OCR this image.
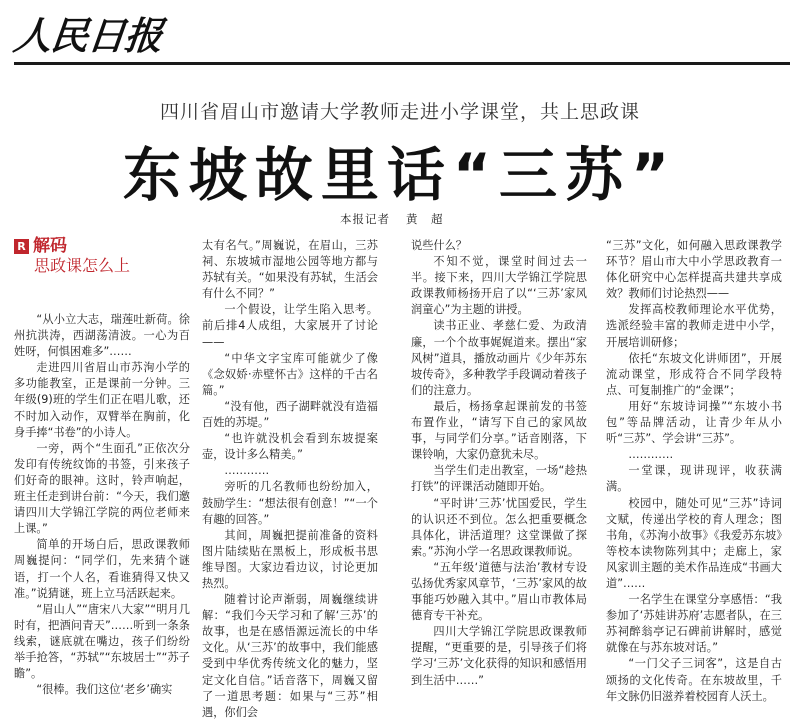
人民日报
四川省眉山市邀请大学教师走进小学课堂，共上思政课
东坡故里话“三苏”
本报记者 黄　超
R 解码
思政课怎么上

“从小立大志，瑞莲吐新荷。徐州抗洪涛，西湖荡清波。一心为百姓呀，何惧困难多”……

走进四川省眉山市苏洵小学的多功能教室，正是课前一分钟。三年级(9)班的学生们正在唱儿歌，还不时加入动作，双臂举在胸前，化身手捧“书卷”的小诗人。

一旁，两个“生面孔”正依次分发印有传统纹饰的书签，引来孩子们好奇的眼神。这时，铃声响起，班主任走到讲台前：“今天，我们邀请四川大学锦江学院的两位老师来上课。”

简单的开场白后，思政课教师周巍提问：“同学们，先来猜个谜语，打一个人名，看谁猜得又快又准。”说猜谜，班上立马活跃起来。

“眉山人”“唐宋八大家”“明月几时有，把酒问青天”……听到一条条线索，谜底就在嘴边，孩子们纷纷举手抢答，“苏轼”“东坡居士”“苏子瞻”。

“很棒。我们这位‘老乡’确实

太有名气。”周巍说，在眉山，三苏祠、东坡城市湿地公园等地方都与苏轼有关。“如果没有苏轼，生活会有什么不同？”

一个假设，让学生陷入思考。前后排4人成组，大家展开了讨论——

“中华文字宝库可能就少了像《念奴娇·赤壁怀古》这样的千古名篇。”

“没有他，西子湖畔就没有造福百姓的苏堤。”

“也许就没机会看到东坡提案壶，设计多么精美。”

…………

旁听的几名教师也纷纷加入，鼓励学生：“想法很有创意！”“一个有趣的回答。”

其间，周巍把提前准备的资料图片陆续贴在黑板上，形成板书思维导图。大家边看边议，讨论更加热烈。

随着讨论声渐弱，周巍继续讲解：“我们今天学习和了解‘三苏’的故事，也是在感悟源远流长的中华文化。从‘三苏’的故事中，我们能感受到中华优秀传统文化的魅力，坚定文化自信。”话音落下，周巍又留了一道思考题：如果与“三苏”相遇，你们会

说些什么？

不知不觉，课堂时间过去一半。接下来，四川大学锦江学院思政课教师杨扬开启了以“‘三苏’家风润童心”为主题的讲授。

读书正业、孝慈仁爱、为政清廉，一个个故事娓娓道来。摆出“家风树”道具，播放动画片《少年苏东坡传奇》，多种教学手段调动着孩子们的注意力。

最后，杨扬拿起课前发的书签布置作业，“请写下自己的家风故事，与同学们分享。”话音刚落，下课铃响，大家仍意犹未尽。

当学生们走出教室，一场“趁热打铁”的评课活动随即开始。

“平时讲‘三苏’忧国爱民，学生的认识还不到位。怎么把重要概念具体化，讲活道理？这堂课做了探索。”苏洵小学一名思政课教师说。

“五年级‘道德与法治’教材专设弘扬优秀家风章节，‘三苏’家风的故事能巧妙融入其中。”眉山市教体局德育专干补充。

四川大学锦江学院思政课教师提醒，“更重要的是，引导孩子们将学习‘三苏’文化获得的知识和感悟用到生活中……”

“三苏”文化，如何融入思政课教学环节？眉山市大中小学思政教育一体化研究中心怎样提高共建共享成效？教师们讨论热烈——

发挥高校教师理论水平优势，选派经验丰富的教师走进中小学，开展培训研修；

依托“东坡文化讲师团”，开展流动课堂，形成符合不同学段特点、可复制推广的“金课”；

用好“东坡诗词操”“东坡小书包”等品牌活动，让青少年从小听“三苏”、学会讲“三苏”。

…………

一堂课，现讲现评，收获满满。

校园中，随处可见“三苏”诗词文赋，传递出学校的育人理念；图书角，《苏洵小故事》《我爱苏东坡》等校本读物陈列其中；走廊上，家风家训主题的美术作品连成“书画大道”……

一名学生在课堂分享感悟：“我参加了‘苏娃讲苏府’志愿者队，在三苏祠醉翁亭记石碑前讲解时，感觉就像在与苏东坡对话。”

“一门父子三词客”，这是自古颂扬的文化传奇。在东坡故里，千年文脉仍旧滋养着校园育人沃土。
